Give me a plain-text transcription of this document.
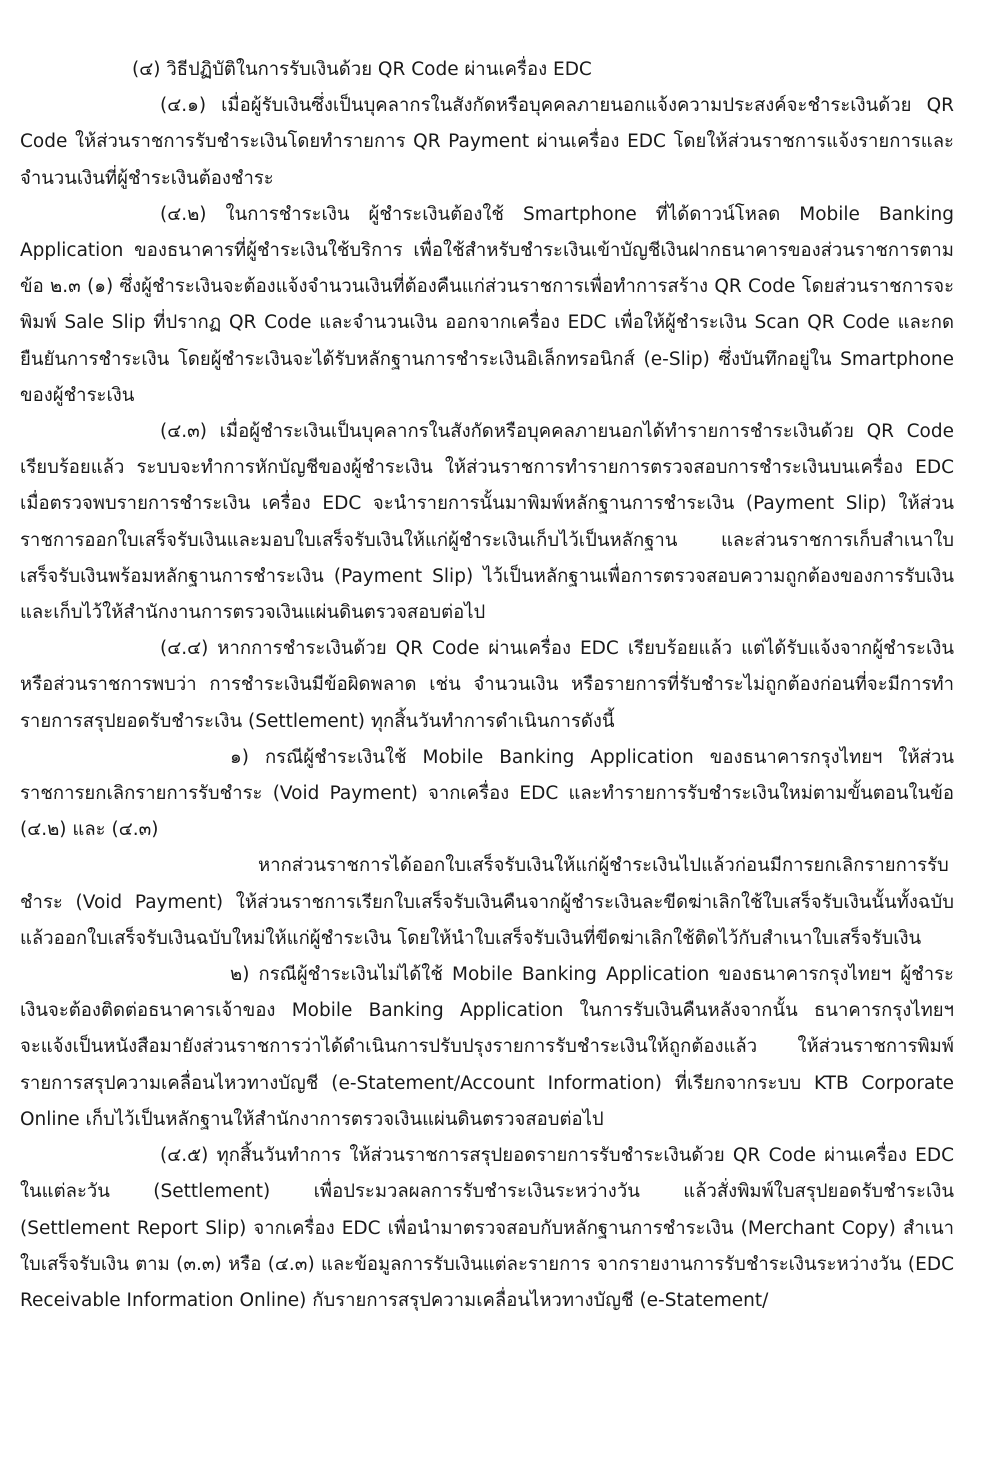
(๔) วิธีปฏิบัติในการรับเงินด้วย QR Code ผ่านเครื่อง EDC

(๔.๑) เมื่อผู้รับเงินซึ่งเป็นบุคลากรในสังกัดหรือบุคคลภายนอกแจ้งความประสงค์จะชำระเงินด้วย QR Code ให้ส่วนราชการรับชำระเงินโดยทำรายการ QR Payment ผ่านเครื่อง EDC โดยให้ส่วนราชการแจ้งรายการและจำนวนเงินที่ผู้ชำระเงินต้องชำระ

(๔.๒) ในการชำระเงิน ผู้ชำระเงินต้องใช้ Smartphone ที่ได้ดาวน์โหลด Mobile Banking Application ของธนาคารที่ผู้ชำระเงินใช้บริการ เพื่อใช้สำหรับชำระเงินเข้าบัญชีเงินฝากธนาคารของส่วนราชการตามข้อ ๒.๓ (๑) ซึ่งผู้ชำระเงินจะต้องแจ้งจำนวนเงินที่ต้องคืนแก่ส่วนราชการเพื่อทำการสร้าง QR Code โดยส่วนราชการจะพิมพ์ Sale Slip ที่ปรากฏ QR Code และจำนวนเงิน ออกจากเครื่อง EDC เพื่อให้ผู้ชำระเงิน Scan QR Code และกดยืนยันการชำระเงิน โดยผู้ชำระเงินจะได้รับหลักฐานการชำระเงินอิเล็กทรอนิกส์ (e-Slip) ซึ่งบันทึกอยู่ใน Smartphone ของผู้ชำระเงิน

(๔.๓) เมื่อผู้ชำระเงินเป็นบุคลากรในสังกัดหรือบุคคลภายนอกได้ทำรายการชำระเงินด้วย QR Code เรียบร้อยแล้ว ระบบจะทำการหักบัญชีของผู้ชำระเงิน ให้ส่วนราชการทำรายการตรวจสอบการชำระเงินบนเครื่อง EDC เมื่อตรวจพบรายการชำระเงิน เครื่อง EDC จะนำรายการนั้นมาพิมพ์หลักฐานการชำระเงิน (Payment Slip) ให้ส่วนราชการออกใบเสร็จรับเงินและมอบใบเสร็จรับเงินให้แก่ผู้ชำระเงินเก็บไว้เป็นหลักฐาน และส่วนราชการเก็บสำเนาใบเสร็จรับเงินพร้อมหลักฐานการชำระเงิน (Payment Slip) ไว้เป็นหลักฐานเพื่อการตรวจสอบความถูกต้องของการรับเงิน และเก็บไว้ให้สำนักงานการตรวจเงินแผ่นดินตรวจสอบต่อไป

(๔.๔) หากการชำระเงินด้วย QR Code ผ่านเครื่อง EDC เรียบร้อยแล้ว แต่ได้รับแจ้งจากผู้ชำระเงิน หรือส่วนราชการพบว่า การชำระเงินมีข้อผิดพลาด เช่น จำนวนเงิน หรือรายการที่รับชำระไม่ถูกต้องก่อนที่จะมีการทำรายการสรุปยอดรับชำระเงิน (Settlement) ทุกสิ้นวันทำการดำเนินการดังนี้

๑) กรณีผู้ชำระเงินใช้ Mobile Banking Application ของธนาคารกรุงไทยฯ ให้ส่วนราชการยกเลิกรายการรับชำระ (Void Payment) จากเครื่อง EDC และทำรายการรับชำระเงินใหม่ตามขั้นตอนในข้อ (๔.๒) และ (๔.๓)

หากส่วนราชการได้ออกใบเสร็จรับเงินให้แก่ผู้ชำระเงินไปแล้วก่อนมีการยกเลิกรายการรับชำระ (Void Payment) ให้ส่วนราชการเรียกใบเสร็จรับเงินคืนจากผู้ชำระเงินละขีดฆ่าเลิกใช้ใบเสร็จรับเงินนั้นทั้งฉบับ แล้วออกใบเสร็จรับเงินฉบับใหม่ให้แก่ผู้ชำระเงิน โดยให้นำใบเสร็จรับเงินที่ขีดฆ่าเลิกใช้ติดไว้กับสำเนาใบเสร็จรับเงิน

๒) กรณีผู้ชำระเงินไม่ได้ใช้ Mobile Banking Application ของธนาคารกรุงไทยฯ ผู้ชำระเงินจะต้องติดต่อธนาคารเจ้าของ Mobile Banking Application ในการรับเงินคืนหลังจากนั้น ธนาคารกรุงไทยฯ จะแจ้งเป็นหนังสือมายังส่วนราชการว่าได้ดำเนินการปรับปรุงรายการรับชำระเงินให้ถูกต้องแล้ว ให้ส่วนราชการพิมพ์รายการสรุปความเคลื่อนไหวทางบัญชี (e-Statement/Account Information) ที่เรียกจากระบบ KTB Corporate Online เก็บไว้เป็นหลักฐานให้สำนักงาการตรวจเงินแผ่นดินตรวจสอบต่อไป

(๔.๕) ทุกสิ้นวันทำการ ให้ส่วนราชการสรุปยอดรายการรับชำระเงินด้วย QR Code ผ่านเครื่อง EDC ในแต่ละวัน (Settlement) เพื่อประมวลผลการรับชำระเงินระหว่างวัน แล้วสั่งพิมพ์ใบสรุปยอดรับชำระเงิน (Settlement Report Slip) จากเครื่อง EDC เพื่อนำมาตรวจสอบกับหลักฐานการชำระเงิน (Merchant Copy) สำเนาใบเสร็จรับเงิน ตาม (๓.๓) หรือ (๔.๓) และข้อมูลการรับเงินแต่ละรายการ จากรายงานการรับชำระเงินระหว่างวัน (EDC Receivable Information Online) กับรายการสรุปความเคลื่อนไหวทางบัญชี (e-Statement/
